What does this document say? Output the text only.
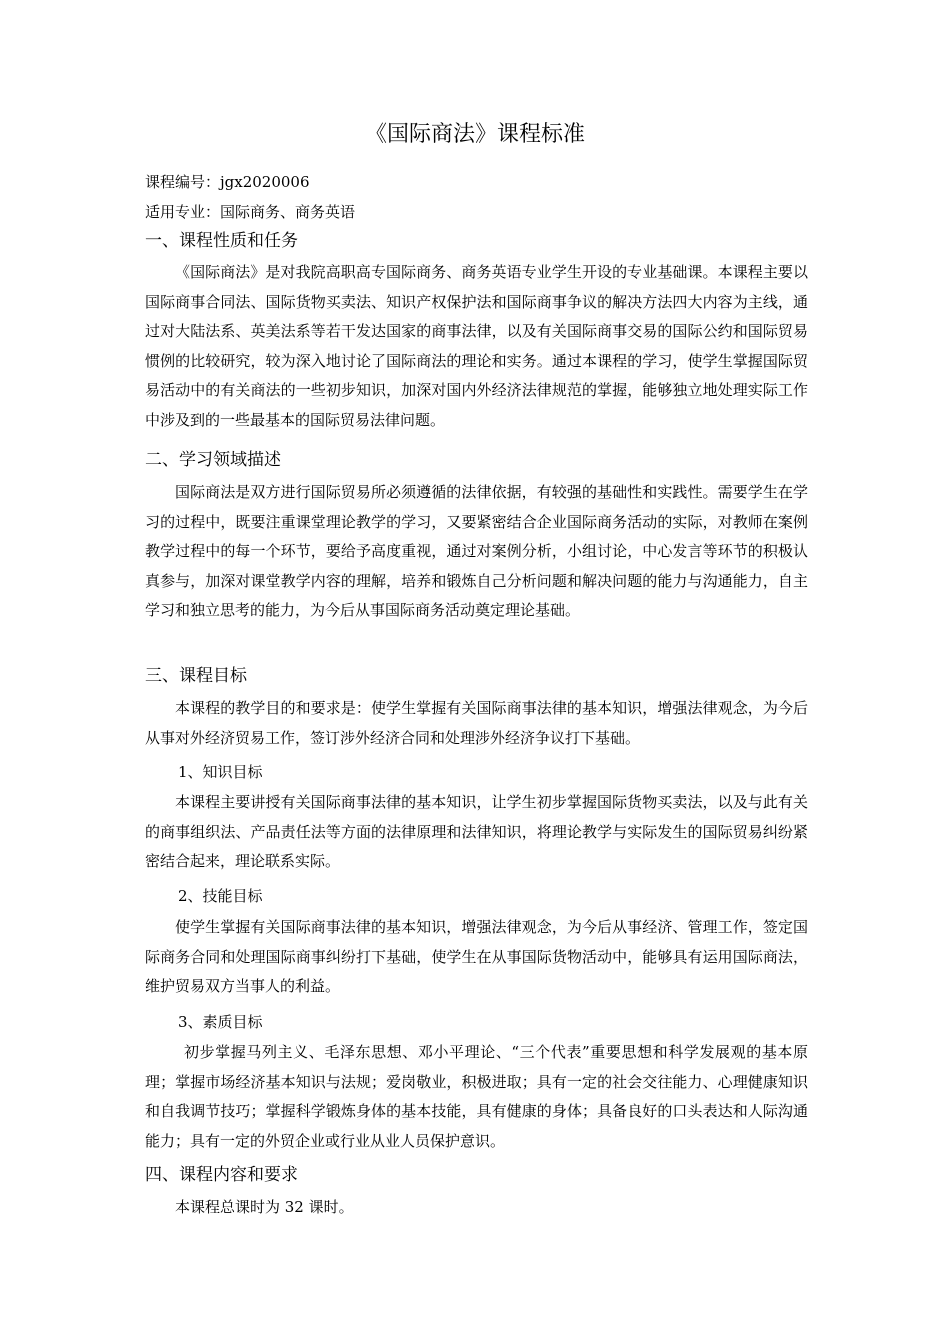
《国际商法》课程标准
课程编号：jgx2020006
适用专业：国际商务、商务英语
一、课程性质和任务

《国际商法》是对我院高职高专国际商务、商务英语专业学生开设的专业基础课。本课程主要以国际商事合同法、国际货物买卖法、知识产权保护法和国际商事争议的解决方法四大内容为主线，通过对大陆法系、英美法系等若干发达国家的商事法律，以及有关国际商事交易的国际公约和国际贸易惯例的比较研究，较为深入地讨论了国际商法的理论和实务。通过本课程的学习，使学生掌握国际贸易活动中的有关商法的一些初步知识，加深对国内外经济法律规范的掌握，能够独立地处理实际工作中涉及到的一些最基本的国际贸易法律问题。

二、学习领域描述

国际商法是双方进行国际贸易所必须遵循的法律依据，有较强的基础性和实践性。需要学生在学习的过程中，既要注重课堂理论教学的学习，又要紧密结合企业国际商务活动的实际，对教师在案例教学过程中的每一个环节，要给予高度重视，通过对案例分析，小组讨论，中心发言等环节的积极认真参与，加深对课堂教学内容的理解，培养和锻炼自己分析问题和解决问题的能力与沟通能力，自主学习和独立思考的能力，为今后从事国际商务活动奠定理论基础。

三、课程目标

本课程的教学目的和要求是：使学生掌握有关国际商事法律的基本知识，增强法律观念，为今后从事对外经济贸易工作，签订涉外经济合同和处理涉外经济争议打下基础。

1、知识目标

本课程主要讲授有关国际商事法律的基本知识，让学生初步掌握国际货物买卖法，以及与此有关的商事组织法、产品责任法等方面的法律原理和法律知识，将理论教学与实际发生的国际贸易纠纷紧密结合起来，理论联系实际。

2、技能目标

使学生掌握有关国际商事法律的基本知识，增强法律观念，为今后从事经济、管理工作，签定国际商务合同和处理国际商事纠纷打下基础，使学生在从事国际货物活动中，能够具有运用国际商法，维护贸易双方当事人的利益。

3、素质目标

初步掌握马列主义、毛泽东思想、邓小平理论、“三个代表”重要思想和科学发展观的基本原理；掌握市场经济基本知识与法规；爱岗敬业，积极进取；具有一定的社会交往能力、心理健康知识和自我调节技巧；掌握科学锻炼身体的基本技能，具有健康的身体；具备良好的口头表达和人际沟通能力；具有一定的外贸企业或行业从业人员保护意识。

四、课程内容和要求

本课程总课时为 32 课时。
